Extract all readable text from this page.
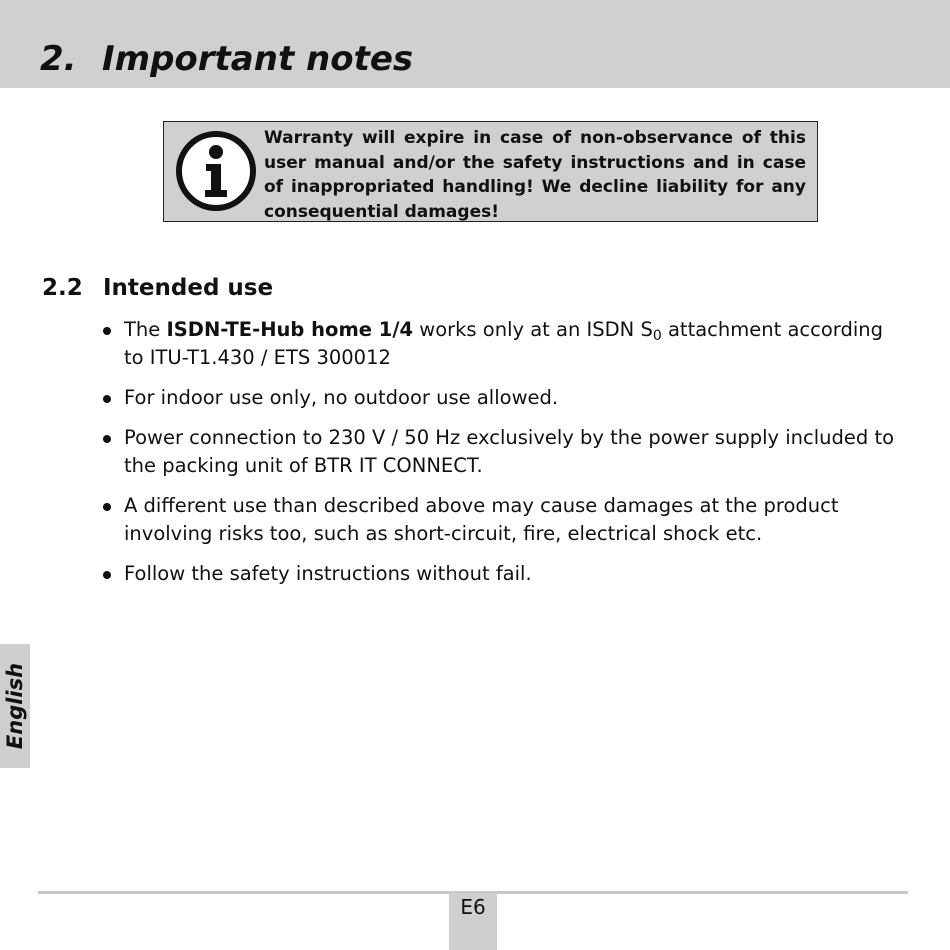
2. Important notes
Warranty will expire in case of non-observance of this user manual and/or the safety instructions and in case of inappropriated handling! We decline liability for any consequential damages!
2.2 Intended use
The ISDN-TE-Hub home 1/4 works only at an ISDN $S_0$ attachment according to ITU-T1.430 / ETS 300012
For indoor use only, no outdoor use allowed.
Power connection to 230 V / 50 Hz exclusively by the power supply included to the packing unit of BTR IT CONNECT.
A different use than described above may cause damages at the product involving risks too, such as short-circuit, fire, electrical shock etc.
Follow the safety instructions without fail.
English
E6
